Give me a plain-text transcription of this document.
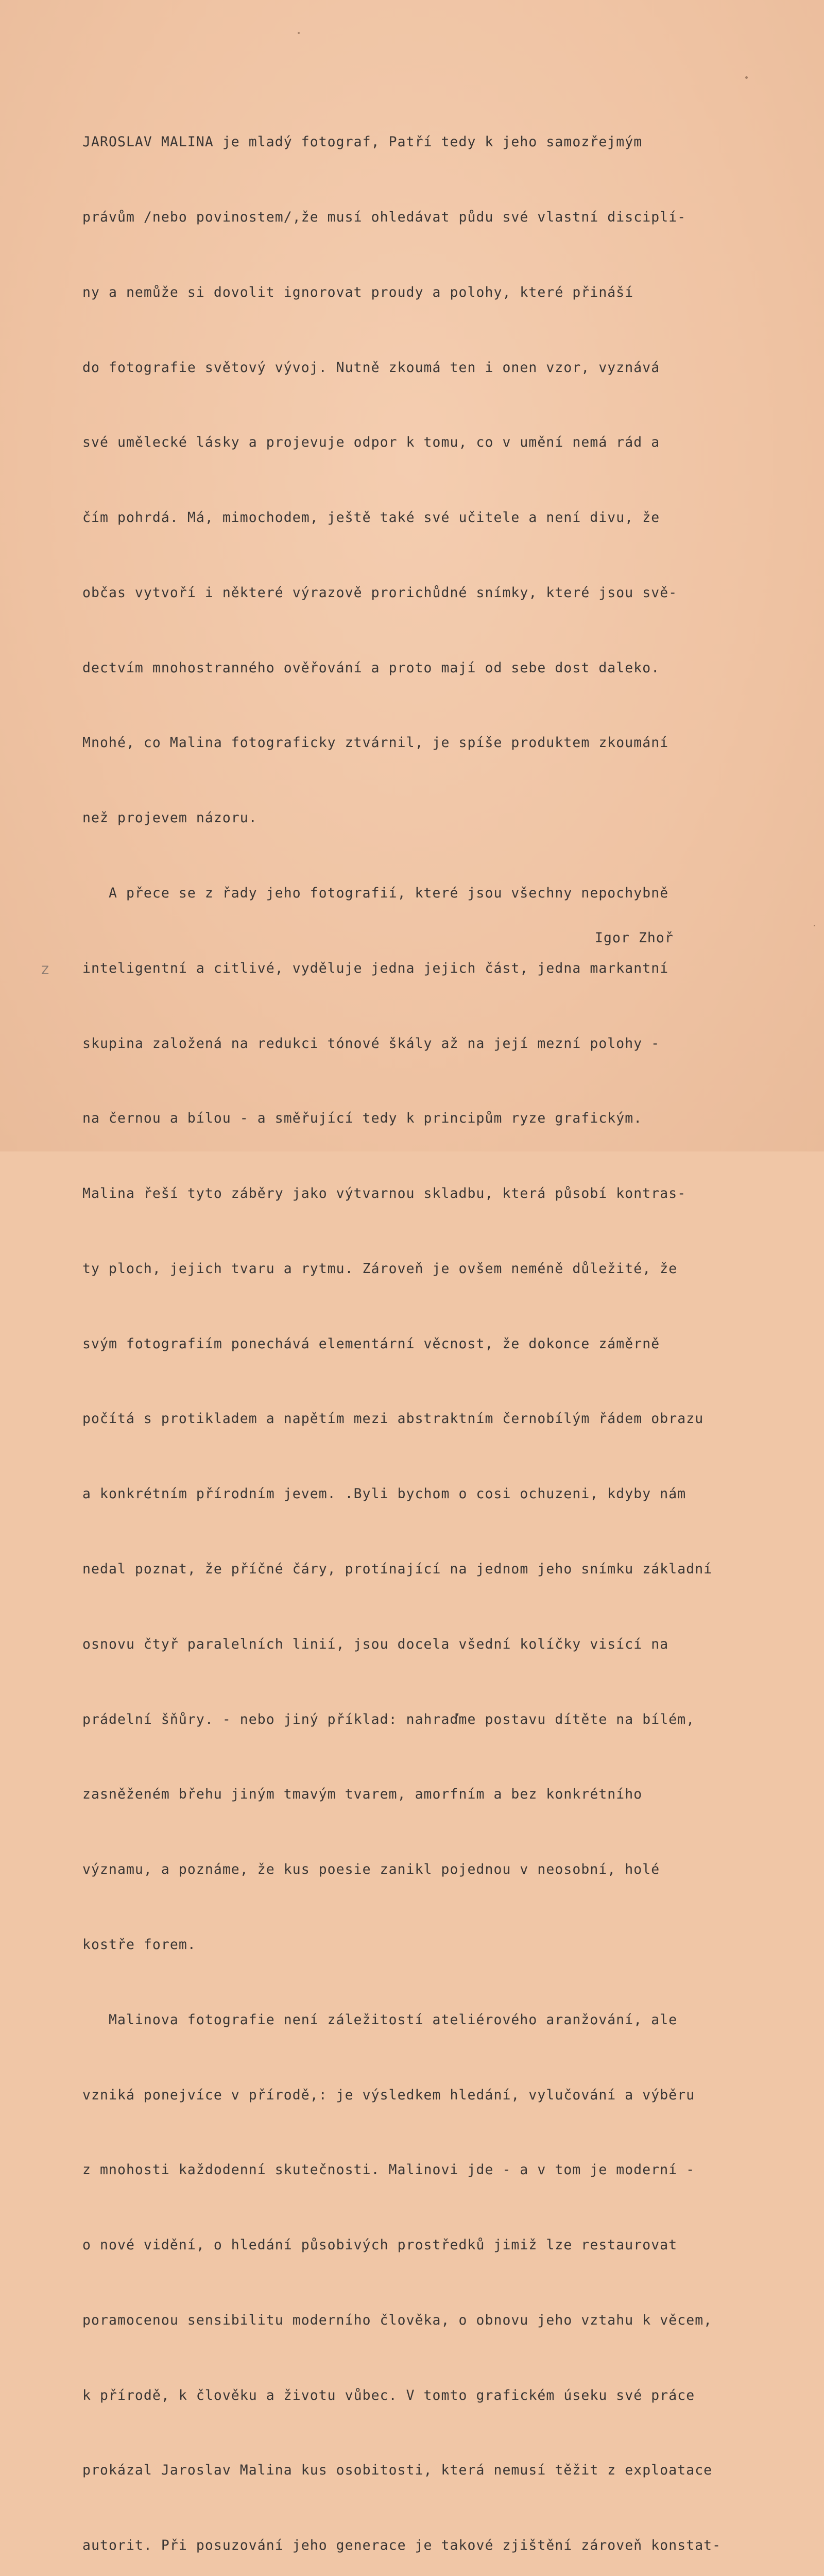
JAROSLAV MALINA je mladý fotograf, Patří tedy k jeho samozřejmým

právům /nebo povinostem/,že musí ohledávat půdu své vlastní disciplí-

ny a nemůže si dovolit ignorovat proudy a polohy, které přináší

do fotografie světový vývoj. Nutně zkoumá ten i onen vzor, vyznává

své umělecké lásky a projevuje odpor k tomu, co v umění nemá rád a

čím pohrdá. Má, mimochodem, ještě také své učitele a není divu, že

občas vytvoří i některé výrazově prorichůdné snímky, které jsou svě-

dectvím mnohostranného ověřování a proto mají od sebe dost daleko.

Mnohé, co Malina fotograficky ztvárnil, je spíše produktem zkoumání

než projevem názoru.

A přece se z řady jeho fotografií, které jsou všechny nepochybně

inteligentní a citlivé, vyděluje jedna jejich část, jedna markantní

skupina založená na redukci tónové škály až na její mezní polohy -

na černou a bílou - a směřující tedy k principům ryze grafickým.

Malina řeší tyto záběry jako výtvarnou skladbu, která působí kontras-

ty ploch, jejich tvaru a rytmu. Zároveň je ovšem neméně důležité, že

svým fotografiím ponechává elementární věcnost, že dokonce záměrně

počítá s protikladem a napětím mezi abstraktním černobílým řádem obrazu

a konkrétním přírodním jevem. .Byli bychom o cosi ochuzeni, kdyby nám

nedal poznat, že příčné čáry, protínající na jednom jeho snímku základní

osnovu čtyř paralelních linií, jsou docela všední kolíčky visící na

prádelní šňůry. - nebo jiný příklad: nahraďme postavu dítěte na bílém,

zasněženém břehu jiným tmavým tvarem, amorfním a bez konkrétního

významu, a poznáme, že kus poesie zanikl pojednou v neosobní, holé

kostře forem.

Malinova fotografie není záležitostí ateliérového aranžování, ale

vzniká ponejvíce v přírodě,: je výsledkem hledání, vylučování a výběru

z mnohosti každodenní skutečnosti. Malinovi jde - a v tom je moderní -

o nové vidění, o hledání působivých prostředků jimiž lze restaurovat

poramocenou sensibilitu moderního člověka, o obnovu jeho vztahu k věcem,

k přírodě, k člověku a životu vůbec. V tomto grafickém úseku své práce

prokázal Jaroslav Malina kus osobitosti, která nemusí těžit z exploatace

autorit. Při posuzování jeho generace je takové zjištění zároveň konstat-

Igor Zhoř
Z
